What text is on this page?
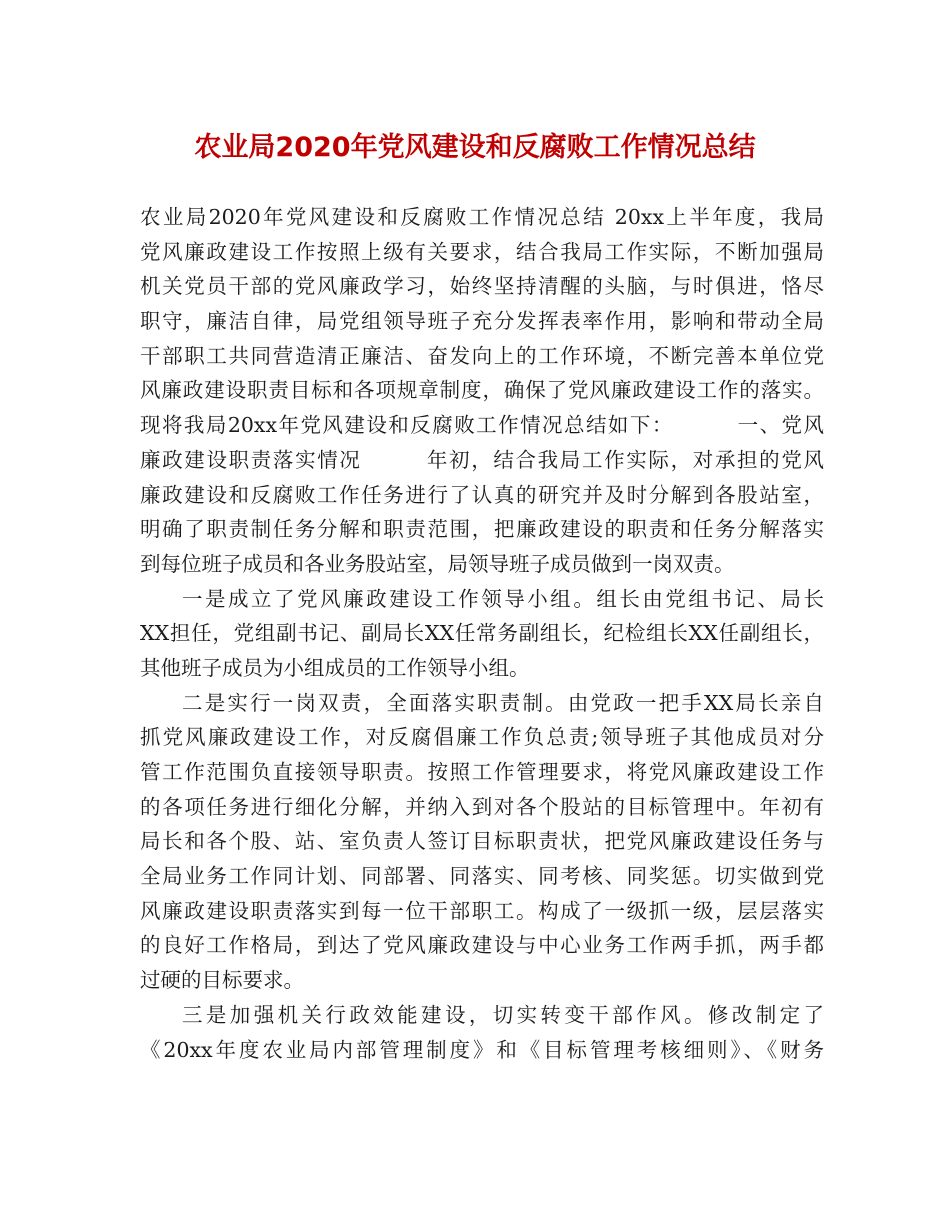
农业局2020年党风建设和反腐败工作情况总结
农业局2020年党风建设和反腐败工作情况总结 20xx上半年度，我局
党风廉政建设工作按照上级有关要求，结合我局工作实际，不断加强局
机关党员干部的党风廉政学习，始终坚持清醒的头脑，与时俱进，恪尽
职守，廉洁自律，局党组领导班子充分发挥表率作用，影响和带动全局
干部职工共同营造清正廉洁、奋发向上的工作环境，不断完善本单位党
风廉政建设职责目标和各项规章制度，确保了党风廉政建设工作的落实。
现将我局20xx年党风建设和反腐败工作情况总结如下：        一、党风
廉政建设职责落实情况        年初，结合我局工作实际，对承担的党风
廉政建设和反腐败工作任务进行了认真的研究并及时分解到各股站室，
明确了职责制任务分解和职责范围，把廉政建设的职责和任务分解落实
到每位班子成员和各业务股站室，局领导班子成员做到一岗双责。
一是成立了党风廉政建设工作领导小组。组长由党组书记、局长
XX担任，党组副书记、副局长XX任常务副组长，纪检组长XX任副组长，
其他班子成员为小组成员的工作领导小组。
二是实行一岗双责，全面落实职责制。由党政一把手XX局长亲自
抓党风廉政建设工作，对反腐倡廉工作负总责;领导班子其他成员对分
管工作范围负直接领导职责。按照工作管理要求，将党风廉政建设工作
的各项任务进行细化分解，并纳入到对各个股站的目标管理中。年初有
局长和各个股、站、室负责人签订目标职责状，把党风廉政建设任务与
全局业务工作同计划、同部署、同落实、同考核、同奖惩。切实做到党
风廉政建设职责落实到每一位干部职工。构成了一级抓一级，层层落实
的良好工作格局，到达了党风廉政建设与中心业务工作两手抓，两手都
过硬的目标要求。
三是加强机关行政效能建设，切实转变干部作风。修改制定了
《20xx年度农业局内部管理制度》和《目标管理考核细则》、《财务
